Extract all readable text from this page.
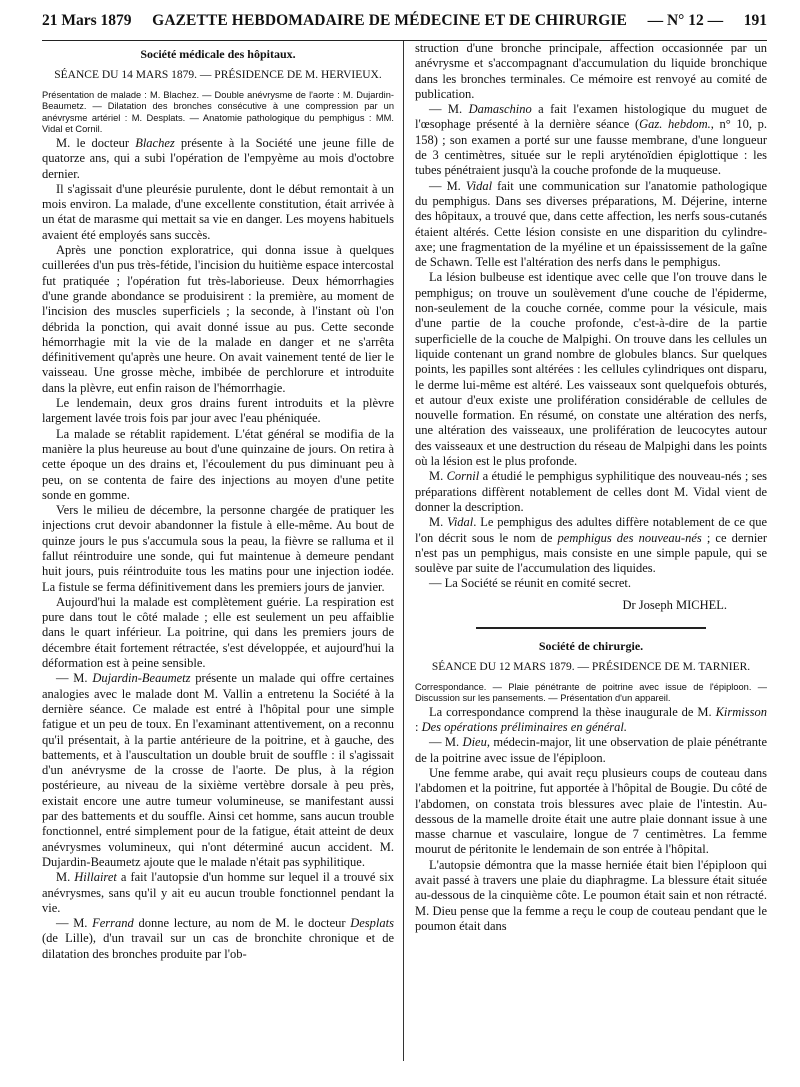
21 Mars 1879 GAZETTE HEBDOMADAIRE DE MÉDECINE ET DE CHIRURGIE — N° 12 — 191
Société médicale des hôpitaux.
SÉANCE DU 14 MARS 1879. — PRÉSIDENCE DE M. HERVIEUX.

Présentation de malade : M. Blachez. — Double anévrysme de l'aorte : M. Dujardin-Beaumetz. — Dilatation des bronches consécutive à une compression par un anévrysme artériel : M. Desplats. — Anatomie pathologique du pemphigus : MM. Vidal et Cornil.

M. le docteur Blachez présente à la Société une jeune fille de quatorze ans, qui a subi l'opération de l'empyème au mois d'octobre dernier.

Il s'agissait d'une pleurésie purulente, dont le début remontait à un mois environ. La malade, d'une excellente constitution, était arrivée à un état de marasme qui mettait sa vie en danger. Les moyens habituels avaient été employés sans succès.

Après une ponction exploratrice, qui donna issue à quelques cuillerées d'un pus très-fétide, l'incision du huitième espace intercostal fut pratiquée ; l'opération fut très-laborieuse. Deux hémorrhagies d'une grande abondance se produisirent : la première, au moment de l'incision des muscles superficiels ; la seconde, à l'instant où l'on débrida la ponction, qui avait donné issue au pus. Cette seconde hémorrhagie mit la vie de la malade en danger et ne s'arrêta définitivement qu'après une heure. On avait vainement tenté de lier le vaisseau. Une grosse mèche, imbibée de perchlorure et introduite dans la plèvre, eut enfin raison de l'hémorrhagie.

Le lendemain, deux gros drains furent introduits et la plèvre largement lavée trois fois par jour avec l'eau phéniquée.

La malade se rétablit rapidement. L'état général se modifia de la manière la plus heureuse au bout d'une quinzaine de jours. On retira à cette époque un des drains et, l'écoulement du pus diminuant peu à peu, on se contenta de faire des injections au moyen d'une petite sonde en gomme.

Vers le milieu de décembre, la personne chargée de pratiquer les injections crut devoir abandonner la fistule à elle-même. Au bout de quinze jours le pus s'accumula sous la peau, la fièvre se ralluma et il fallut réintroduire une sonde, qui fut maintenue à demeure pendant huit jours, puis réintroduite tous les matins pour une injection iodée. La fistule se ferma définitivement dans les premiers jours de janvier.

Aujourd'hui la malade est complètement guérie. La respiration est pure dans tout le côté malade ; elle est seulement un peu affaiblie dans le quart inférieur. La poitrine, qui dans les premiers jours de décembre était fortement rétractée, s'est développée, et aujourd'hui la déformation est à peine sensible.

— M. Dujardin-Beaumetz présente un malade qui offre certaines analogies avec le malade dont M. Vallin a entretenu la Société à la dernière séance. Ce malade est entré à l'hôpital pour une simple fatigue et un peu de toux. En l'examinant attentivement, on a reconnu qu'il présentait, à la partie antérieure de la poitrine, et à gauche, des battements, et à l'auscultation un double bruit de souffle : il s'agissait d'un anévrysme de la crosse de l'aorte. De plus, à la région postérieure, au niveau de la sixième vertèbre dorsale à peu près, existait encore une autre tumeur volumineuse, se manifestant aussi par des battements et du souffle. Ainsi cet homme, sans aucun trouble fonctionnel, entré simplement pour de la fatigue, était atteint de deux anévrysmes volumineux, qui n'ont déterminé aucun accident. M. Dujardin-Beaumetz ajoute que le malade n'était pas syphilitique.

M. Hillairet a fait l'autopsie d'un homme sur lequel il a trouvé six anévrysmes, sans qu'il y ait eu aucun trouble fonctionnel pendant la vie.

— M. Ferrand donne lecture, au nom de M. le docteur Desplats (de Lille), d'un travail sur un cas de bronchite chronique et de dilatation des bronches produite par l'ob-

struction d'une bronche principale, affection occasionnée par un anévrysme et s'accompagnant d'accumulation du liquide bronchique dans les bronches terminales. Ce mémoire est renvoyé au comité de publication.

— M. Damaschino a fait l'examen histologique du muguet de l'œsophage présenté à la dernière séance (Gaz. hebdom., n° 10, p. 158) ; son examen a porté sur une fausse membrane, d'une longueur de 3 centimètres, située sur le repli aryténoïdien épiglottique : les tubes pénétraient jusqu'à la couche profonde de la muqueuse.

— M. Vidal fait une communication sur l'anatomie pathologique du pemphigus. Dans ses diverses préparations, M. Déjerine, interne des hôpitaux, a trouvé que, dans cette affection, les nerfs sous-cutanés étaient altérés. Cette lésion consiste en une disparition du cylindre-axe; une fragmentation de la myéline et un épaississement de la gaîne de Schawn. Telle est l'altération des nerfs dans le pemphigus.

La lésion bulbeuse est identique avec celle que l'on trouve dans le pemphigus; on trouve un soulèvement d'une couche de l'épiderme, non-seulement de la couche cornée, comme pour la vésicule, mais d'une partie de la couche profonde, c'est-à-dire de la partie superficielle de la couche de Malpighi. On trouve dans les cellules un liquide contenant un grand nombre de globules blancs. Sur quelques points, les papilles sont altérées : les cellules cylindriques ont disparu, le derme lui-même est altéré. Les vaisseaux sont quelquefois obturés, et autour d'eux existe une prolifération considérable de cellules de nouvelle formation. En résumé, on constate une altération des nerfs, une altération des vaisseaux, une prolifération de leucocytes autour des vaisseaux et une destruction du réseau de Malpighi dans les points où la lésion est le plus profonde.

M. Cornil a étudié le pemphigus syphilitique des nouveau-nés ; ses préparations diffèrent notablement de celles dont M. Vidal vient de donner la description.

M. Vidal. Le pemphigus des adultes diffère notablement de ce que l'on décrit sous le nom de pemphigus des nouveau-nés ; ce dernier n'est pas un pemphigus, mais consiste en une simple papule, qui se soulève par suite de l'accumulation des liquides.

— La Société se réunit en comité secret.

Dr Joseph MICHEL.
Société de chirurgie.
SÉANCE DU 12 MARS 1879. — PRÉSIDENCE DE M. TARNIER.

Correspondance. — Plaie pénétrante de poitrine avec issue de l'épiploon. — Discussion sur les pansements. — Présentation d'un appareil.

La correspondance comprend la thèse inaugurale de M. Kirmisson : Des opérations préliminaires en général.

— M. Dieu, médecin-major, lit une observation de plaie pénétrante de la poitrine avec issue de l'épiploon.

Une femme arabe, qui avait reçu plusieurs coups de couteau dans l'abdomen et la poitrine, fut apportée à l'hôpital de Bougie. Du côté de l'abdomen, on constata trois blessures avec plaie de l'intestin. Au-dessous de la mamelle droite était une autre plaie donnant issue à une masse charnue et vasculaire, longue de 7 centimètres. La femme mourut de péritonite le lendemain de son entrée à l'hôpital.

L'autopsie démontra que la masse herniée était bien l'épiploon qui avait passé à travers une plaie du diaphragme. La blessure était située au-dessous de la cinquième côte. Le poumon était sain et non rétracté. M. Dieu pense que la femme a reçu le coup de couteau pendant que le poumon était dans
